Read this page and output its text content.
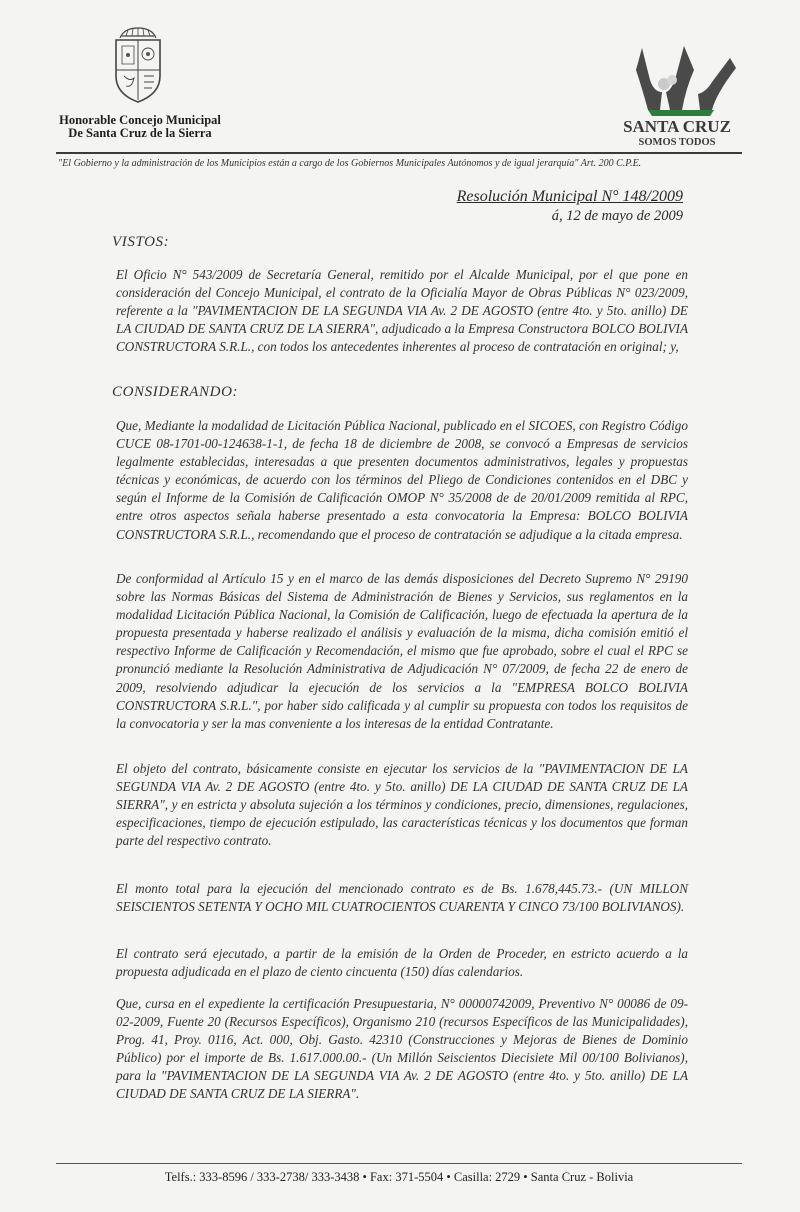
Honorable Concejo Municipal
De Santa Cruz de la Sierra	SANTA CRUZ
SOMOS TODOS
"El Gobierno y la administración de los Municipios están a cargo de los Gobiernos Municipales Autónomos y de igual jerarquía" Art. 200 C.P.E.
Resolución Municipal N° 148/2009
á, 12 de mayo de 2009
VISTOS:
El Oficio N° 543/2009 de Secretaría General, remitido por el Alcalde Municipal, por el que pone en consideración del Concejo Municipal, el contrato de la Oficialía Mayor de Obras Públicas N° 023/2009, referente a la "PAVIMENTACION DE LA SEGUNDA VIA Av. 2 DE AGOSTO (entre 4to. y 5to. anillo) DE LA CIUDAD DE SANTA CRUZ DE LA SIERRA", adjudicado a la Empresa Constructora BOLCO BOLIVIA CONSTRUCTORA S.R.L., con todos los antecedentes inherentes al proceso de contratación en original; y,
CONSIDERANDO:
Que, Mediante la modalidad de Licitación Pública Nacional, publicado en el SICOES, con Registro Código CUCE 08-1701-00-124638-1-1, de fecha 18 de diciembre de 2008, se convocó a Empresas de servicios legalmente establecidas, interesadas a que presenten documentos administrativos, legales y propuestas técnicas y económicas, de acuerdo con los términos del Pliego de Condiciones contenidos en el DBC y según el Informe de la Comisión de Calificación OMOP N° 35/2008 de de 20/01/2009 remitida al RPC, entre otros aspectos señala haberse presentado a esta convocatoria la Empresa: BOLCO BOLIVIA CONSTRUCTORA S.R.L., recomendando que el proceso de contratación se adjudique a la citada empresa.
De conformidad al Artículo 15 y en el marco de las demás disposiciones del Decreto Supremo N° 29190 sobre las Normas Básicas del Sistema de Administración de Bienes y Servicios, sus reglamentos en la modalidad Licitación Pública Nacional, la Comisión de Calificación, luego de efectuada la apertura de la propuesta presentada y haberse realizado el análisis y evaluación de la misma, dicha comisión emitió el respectivo Informe de Calificación y Recomendación, el mismo que fue aprobado, sobre el cual el RPC se pronunció mediante la Resolución Administrativa de Adjudicación N° 07/2009, de fecha 22 de enero de 2009, resolviendo adjudicar la ejecución de los servicios a la "EMPRESA BOLCO BOLIVIA CONSTRUCTORA S.R.L.", por haber sido calificada y al cumplir su propuesta con todos los requisitos de la convocatoria y ser la mas conveniente a los interesas de la entidad Contratante.
El objeto del contrato, básicamente consiste en ejecutar los servicios de la "PAVIMENTACION DE LA SEGUNDA VIA Av. 2 DE AGOSTO (entre 4to. y 5to. anillo) DE LA CIUDAD DE SANTA CRUZ DE LA SIERRA", y en estricta y absoluta sujeción a los términos y condiciones, precio, dimensiones, regulaciones, especificaciones, tiempo de ejecución estipulado, las características técnicas y los documentos que forman parte del respectivo contrato.
El monto total para la ejecución del mencionado contrato es de Bs. 1.678,445.73.- (UN MILLON SEISCIENTOS SETENTA Y OCHO MIL CUATROCIENTOS CUARENTA Y CINCO 73/100 BOLIVIANOS).
El contrato será ejecutado, a partir de la emisión de la Orden de Proceder, en estricto acuerdo a la propuesta adjudicada en el plazo de ciento cincuenta (150) días calendarios.
Que, cursa en el expediente la certificación Presupuestaria, N° 00000742009, Preventivo N° 00086 de 09-02-2009, Fuente 20 (Recursos Específicos), Organismo 210 (recursos Específicos de las Municipalidades), Prog. 41, Proy. 0116, Act. 000, Obj. Gasto. 42310 (Construcciones y Mejoras de Bienes de Dominio Público) por el importe de Bs. 1.617.000.00.- (Un Millón Seiscientos Diecisiete Mil 00/100 Bolivianos), para la "PAVIMENTACION DE LA SEGUNDA VIA Av. 2 DE AGOSTO (entre 4to. y 5to. anillo) DE LA CIUDAD DE SANTA CRUZ DE LA SIERRA".
Telfs.: 333-8596 / 333-2738/ 333-3438 • Fax: 371-5504 • Casilla: 2729 • Santa Cruz - Bolivia
